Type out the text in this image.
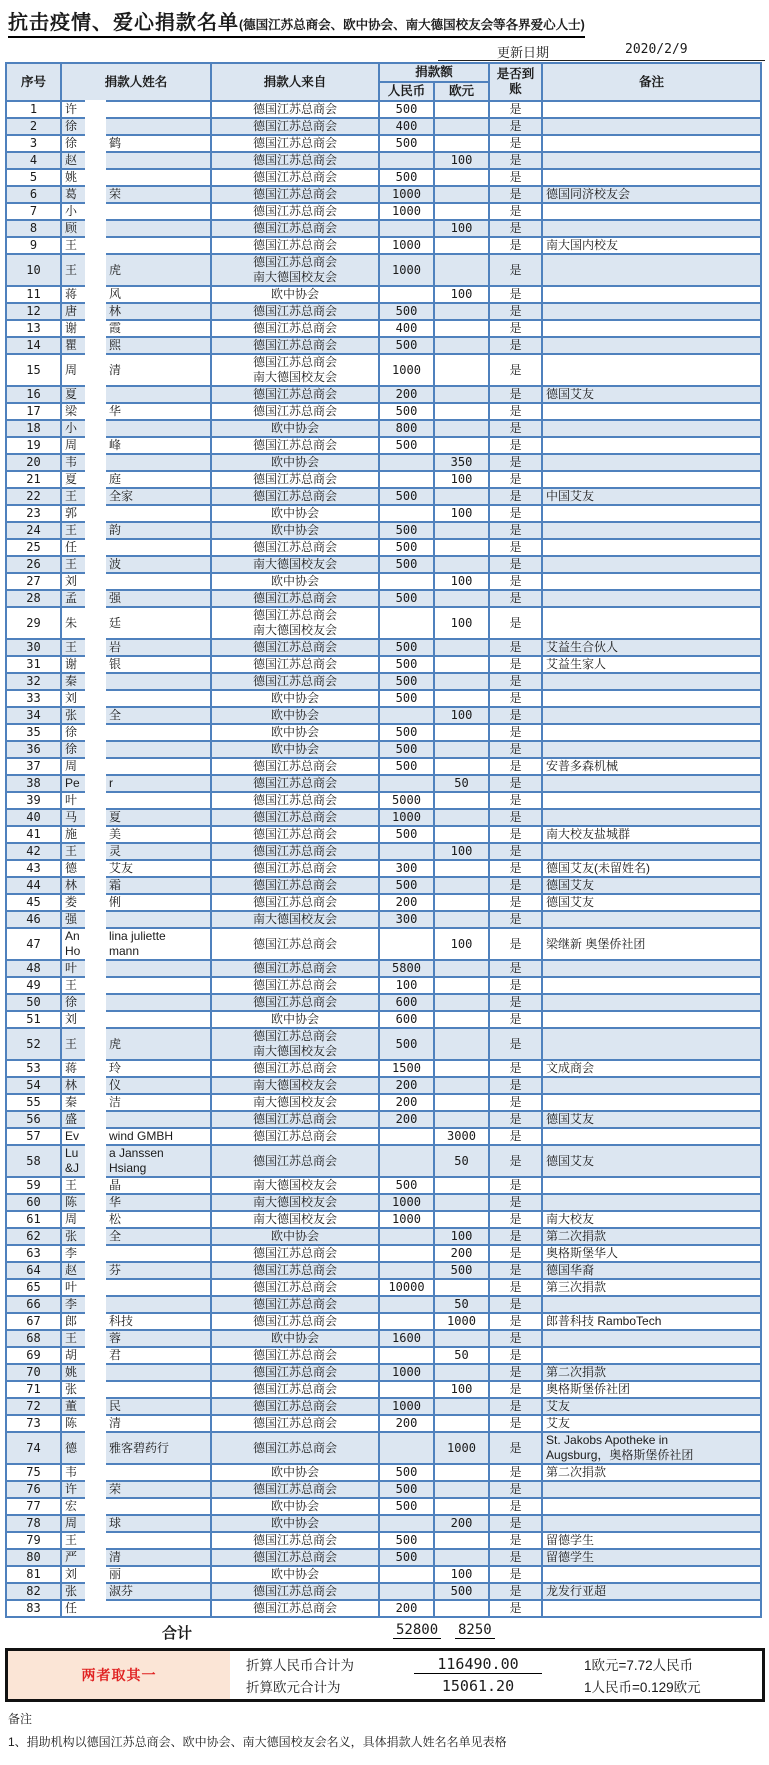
抗击疫情、爱心捐款名单(德国江苏总商会、欧中协会、南大德国校友会等各界爱心人士)
更新日期	2020/2/9
序号	捐款人姓名	捐款人来自	捐款额		是否到账	备注
			人民币	欧元		
1	许	德国江苏总商会	500		是	
2	徐	德国江苏总商会	400		是	
3	徐 鹤	德国江苏总商会	500		是	
4	赵	德国江苏总商会		100	是	
5	姚	德国江苏总商会	500		是	
6	葛 荣	德国江苏总商会	1000		是	德国同济校友会
7	小	德国江苏总商会	1000		是	
8	顾	德国江苏总商会		100	是	
9	王	德国江苏总商会	1000		是	南大国内校友
10	王 虎	德国江苏总商会
南大德国校友会	1000		是	
11	蒋 风	欧中协会		100	是	
12	唐 林	德国江苏总商会	500		是	
13	谢 霞	德国江苏总商会	400		是	
14	瞿 熙	德国江苏总商会	500		是	
15	周 清	德国江苏总商会
南大德国校友会	1000		是	
16	夏	德国江苏总商会	200		是	德国艾友
17	梁 华	德国江苏总商会	500		是	
18	小	欧中协会	800		是	
19	周 峰	德国江苏总商会	500		是	
20	韦	欧中协会		350	是	
21	夏 庭	德国江苏总商会		100	是	
22	王 全家	德国江苏总商会	500		是	中国艾友
23	郭	欧中协会		100	是	
24	王 韵	欧中协会	500		是	
25	任	德国江苏总商会	500		是	
26	王 波	南大德国校友会	500		是	
27	刘	欧中协会		100	是	
28	孟 强	德国江苏总商会	500		是	
29	朱 廷	德国江苏总商会
南大德国校友会		100	是	
30	王 岩	德国江苏总商会	500		是	艾益生合伙人
31	谢 银	德国江苏总商会	500		是	艾益生家人
32	秦	德国江苏总商会	500		是	
33	刘	欧中协会	500		是	
34	张 全	欧中协会		100	是	
35	徐	欧中协会	500		是	
36	徐	欧中协会	500		是	
37	周	德国江苏总商会	500		是	安普多森机械
38	Pe r	德国江苏总商会		50	是	
39	叶	德国江苏总商会	5000		是	
40	马 夏	德国江苏总商会	1000		是	
41	施 美	德国江苏总商会	500		是	南大校友盐城群
42	王 灵	德国江苏总商会		100	是	
43	德 艾友	德国江苏总商会	300		是	德国艾友(未留姓名)
44	林 霜	德国江苏总商会	500		是	德国艾友
45	娄 俐	德国江苏总商会	200		是	德国艾友
46	强	南大德国校友会	300		是	
47	An lina juliette
Ho mann	德国江苏总商会		100	是	梁继新 奥堡侨社团
48	叶	德国江苏总商会	5800		是	
49	王	德国江苏总商会	100		是	
50	徐	德国江苏总商会	600		是	
51	刘	欧中协会	600		是	
52	王 虎	德国江苏总商会
南大德国校友会	500		是	
53	蒋 玲	德国江苏总商会	1500		是	文成商会
54	林 仪	南大德国校友会	200		是	
55	秦 洁	南大德国校友会	200		是	
56	盛	德国江苏总商会	200		是	德国艾友
57	Ev wind GMBH	德国江苏总商会		3000	是	
58	Lu a Janssen
&J Hsiang	德国江苏总商会		50	是	德国艾友
59	王 晶	南大德国校友会	500		是	
60	陈 华	南大德国校友会	1000		是	
61	周 松	南大德国校友会	1000		是	南大校友
62	张 全	欧中协会		100	是	第二次捐款
63	李	德国江苏总商会		200	是	奥格斯堡华人
64	赵 芬	德国江苏总商会		500	是	德国华裔
65	叶	德国江苏总商会	10000		是	第三次捐款
66	李	德国江苏总商会		50	是	
67	郎 科技	德国江苏总商会		1000	是	郎普科技 RamboTech
68	王 蓉	欧中协会	1600		是	
69	胡 君	德国江苏总商会		50	是	
70	姚	德国江苏总商会	1000		是	第二次捐款
71	张	德国江苏总商会		100	是	奥格斯堡侨社团
72	董 民	德国江苏总商会	1000		是	艾友
73	陈 清	德国江苏总商会	200		是	艾友
74	德 雅客碧药行	德国江苏总商会		1000	是	St. Jakobs Apotheke in
Augsburg，奥格斯堡侨社团
75	韦	欧中协会	500		是	第二次捐款
76	许 荣	德国江苏总商会	500		是	
77	宏	欧中协会	500		是	
78	周 球	欧中协会		200	是	
79	王	德国江苏总商会	500		是	留德学生
80	严 清	德国江苏总商会	500		是	留德学生
81	刘 丽	欧中协会		100	是	
82	张 淑芬	德国江苏总商会		500	是	龙发行亚超
83	任	德国江苏总商会	200		是	
合计	52800 8250
两者取其一
折算人民币合计为	116490.00	1欧元=7.72人民币
折算欧元合计为	15061.20	1人民币=0.129欧元
备注
1、捐助机构以德国江苏总商会、欧中协会、南大德国校友会名义，具体捐款人姓名名单见表格
